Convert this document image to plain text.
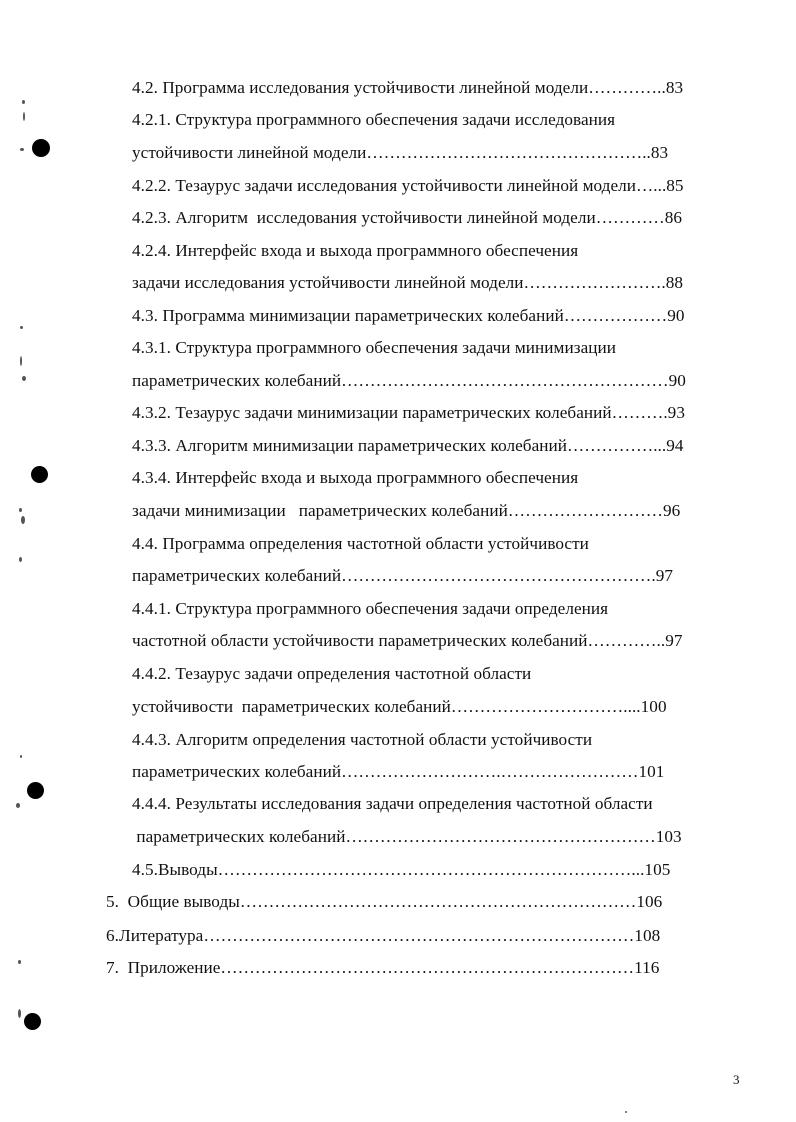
4.2. Программа исследования устойчивости линейной модели…………..83
4.2.1. Структура программного обеспечения задачи исследования
устойчивости линейной модели…………………………………………..83
4.2.2. Тезаурус задачи исследования устойчивости линейной модели…...85
4.2.3. Алгоритм  исследования устойчивости линейной модели…………86
4.2.4. Интерфейс входа и выхода программного обеспечения
задачи исследования устойчивости линейной модели…………………….88
4.3. Программа минимизации параметрических колебаний………………90
4.3.1. Структура программного обеспечения задачи минимизации
параметрических колебаний…………………………………………………90
4.3.2. Тезаурус задачи минимизации параметрических колебаний……….93
4.3.3. Алгоритм минимизации параметрических колебаний……………...94
4.3.4. Интерфейс входа и выхода программного обеспечения
задачи минимизации   параметрических колебаний………………………96
4.4. Программа определения частотной области устойчивости
параметрических колебаний……………………………………………….97
4.4.1. Структура программного обеспечения задачи определения
частотной области устойчивости параметрических колебаний…………..97
4.4.2. Тезаурус задачи определения частотной области
устойчивости  параметрических колебаний…………………………....100
4.4.3. Алгоритм определения частотной области устойчивости
параметрических колебаний……………………….……………………101
4.4.4. Результаты исследования задачи определения частотной области
параметрических колебаний………………………………………………103
4.5.Выводы………………………………………………………………...105
5.  Общие выводы……………………………………………………………106
6.Литература…………………………………………………………………108
7.  Приложение………………………………………………………………116
3
